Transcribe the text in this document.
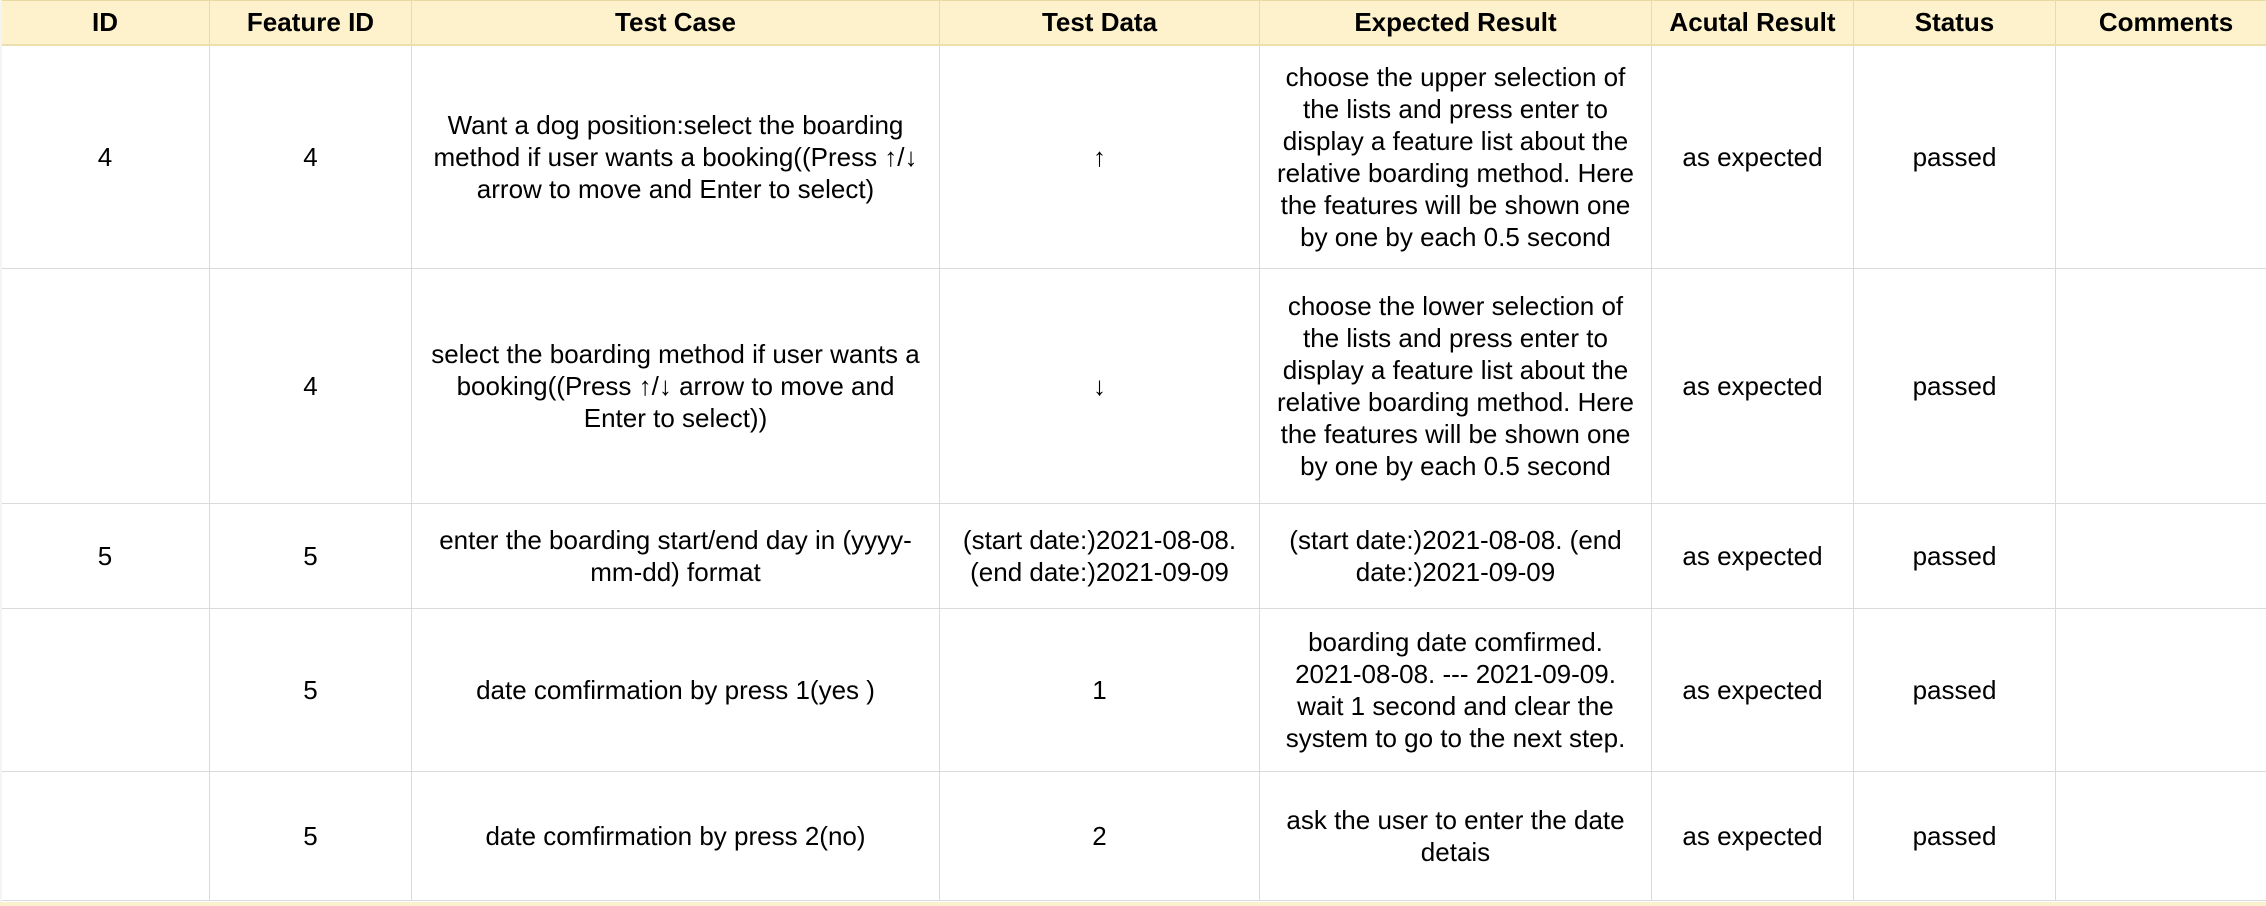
ID	Feature ID	Test Case	Test Data	Expected Result	Acutal Result	Status	Comments
4	4	Want a dog position:select the boarding method if user wants a booking((Press ↑/↓ arrow to move and Enter to select)	↑	choose the upper selection of the lists and press enter to display a feature list about the relative boarding method. Here the features will be shown one by one by each 0.5 second	as expected	passed	
	4	select the boarding method if user wants a booking((Press ↑/↓ arrow to move and Enter to select))	↓	choose the lower selection of the lists and press enter to display a feature list about the relative boarding method. Here the features will be shown one by one by each 0.5 second	as expected	passed	
5	5	enter the boarding start/end day in (yyyy-mm-dd) format	(start date:)2021-08-08. (end date:)2021-09-09	(start date:)2021-08-08. (end date:)2021-09-09	as expected	passed	
	5	date comfirmation by press 1(yes )	1	boarding date comfirmed. 2021-08-08. --- 2021-09-09. wait 1 second and clear the system to go to the next step.	as expected	passed	
	5	date comfirmation by press 2(no)	2	ask the user to enter the date detais	as expected	passed	
